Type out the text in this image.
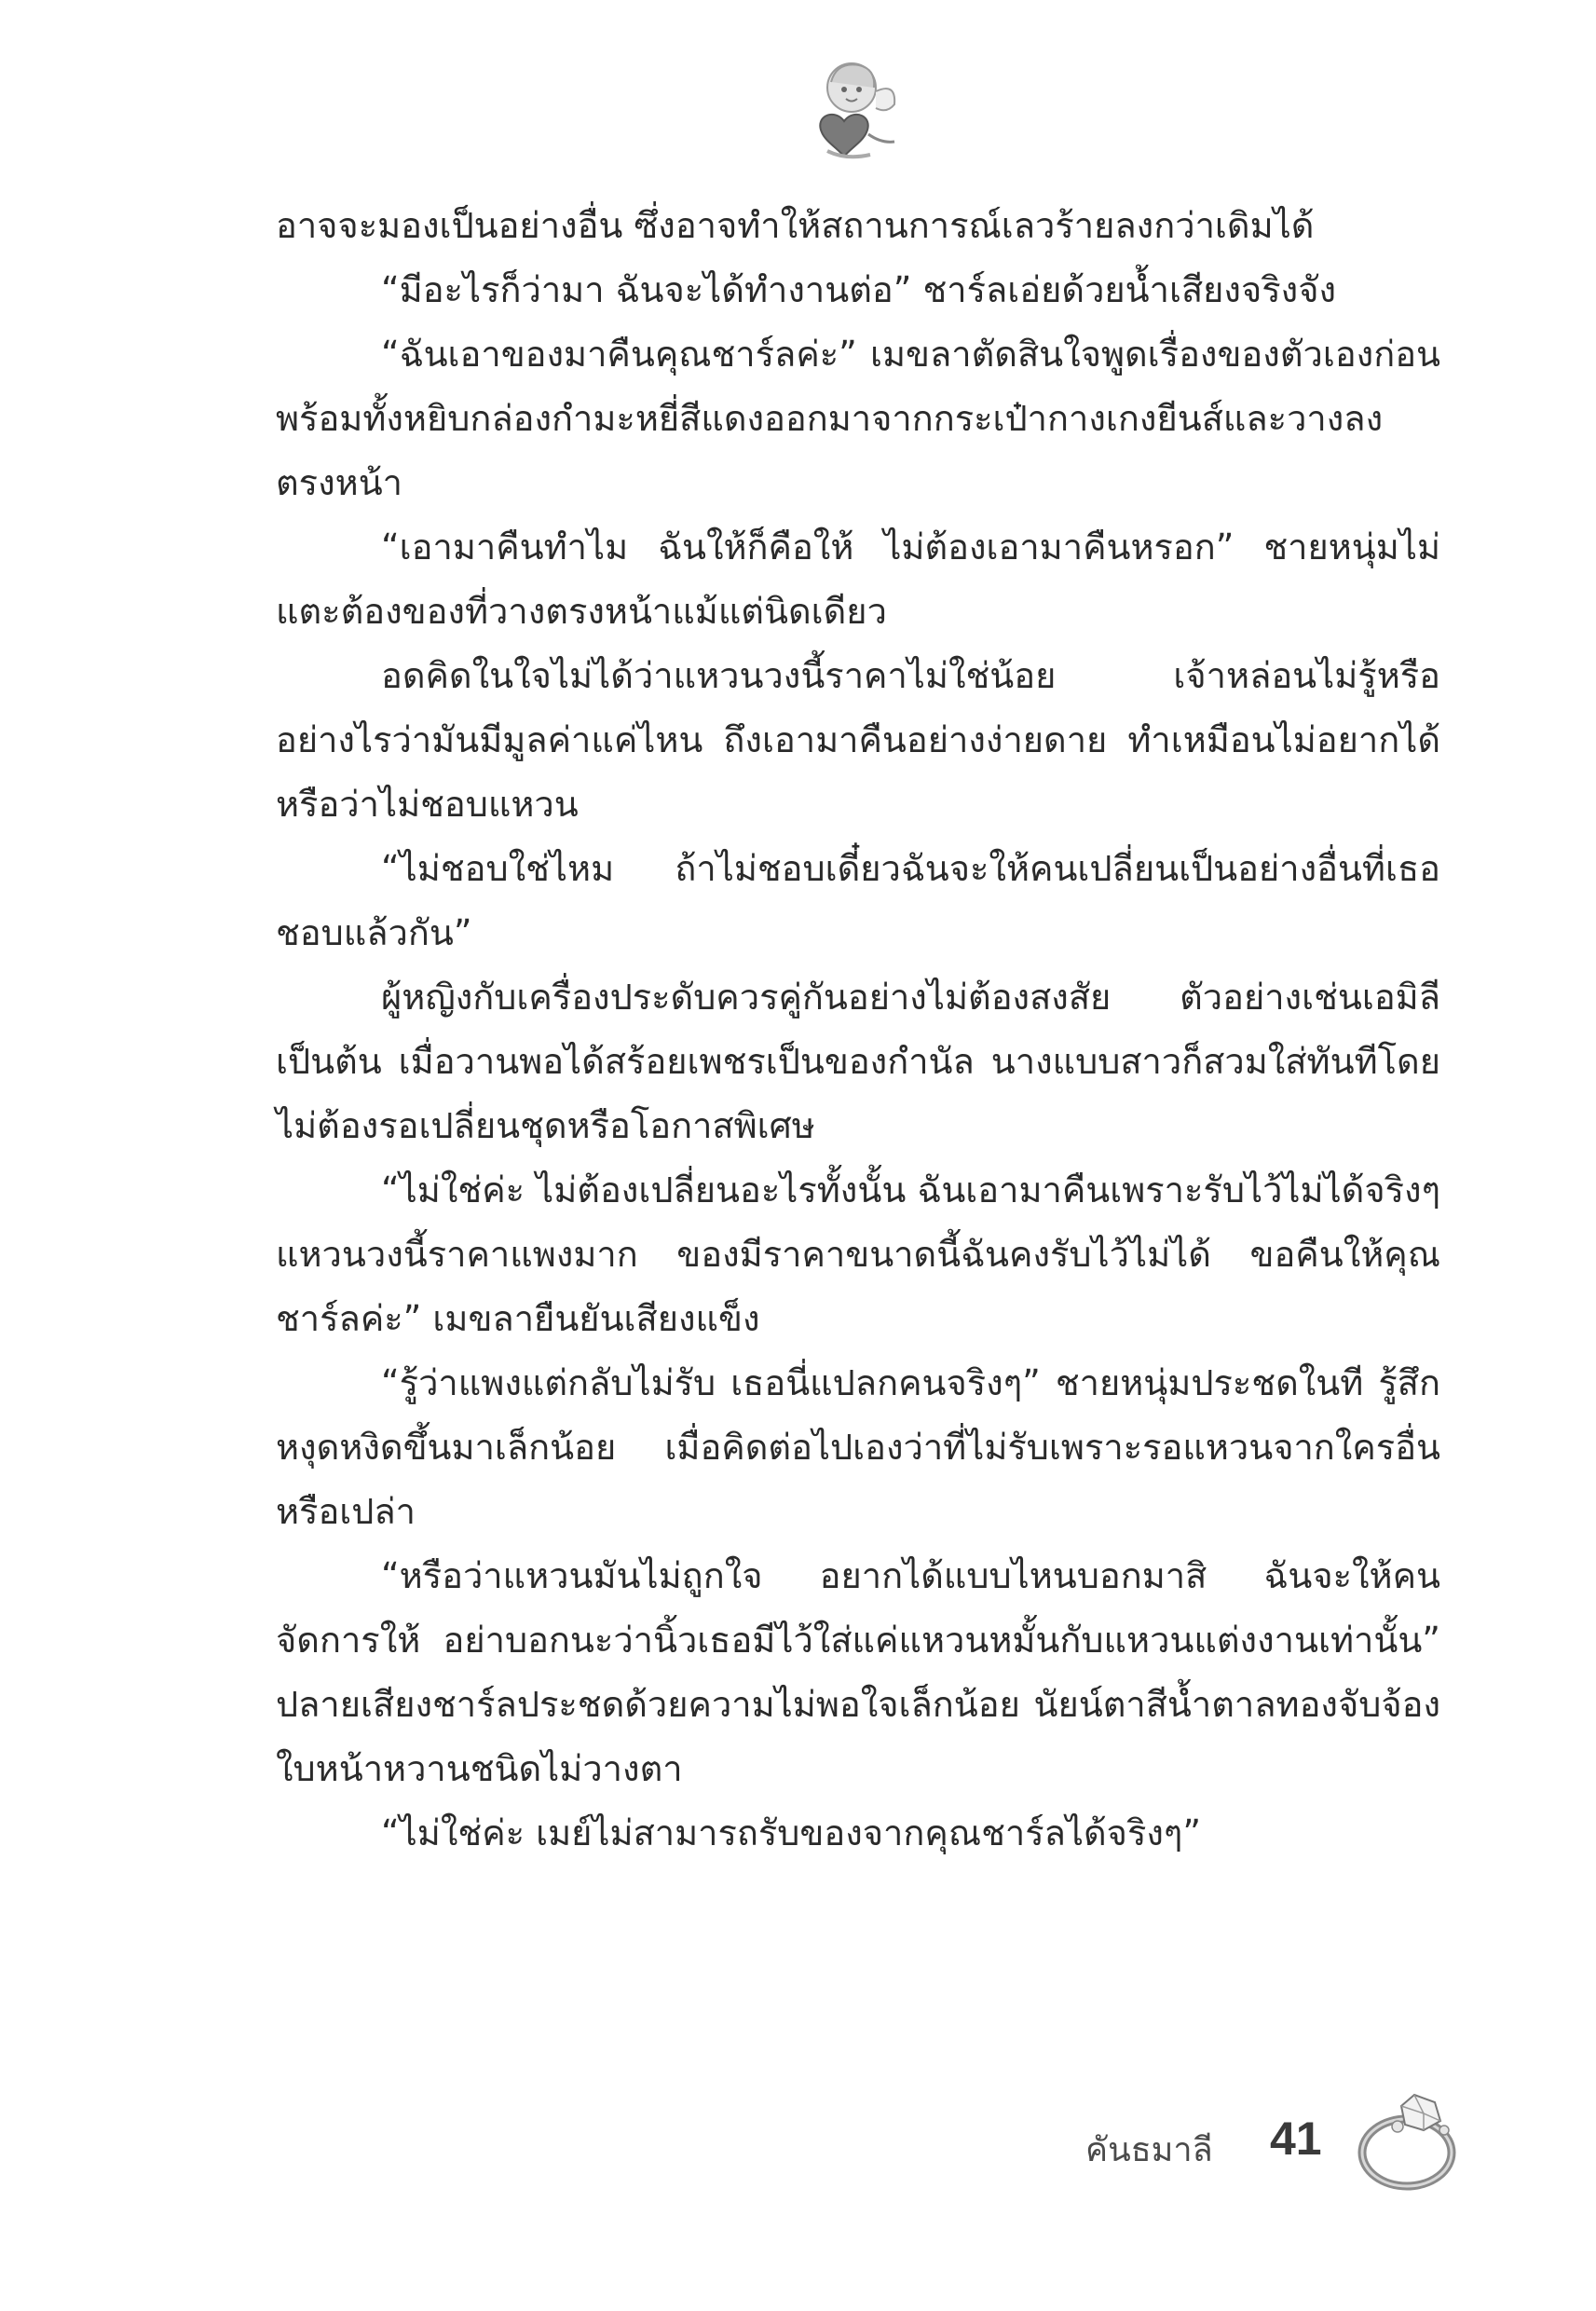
อาจจะมองเป็นอย่างอื่น ซึ่งอาจทำให้สถานการณ์เลวร้ายลงกว่าเดิมได้

“มีอะไรก็ว่ามา ฉันจะได้ทำงานต่อ” ชาร์ลเอ่ยด้วยน้ำเสียงจริงจัง

“ฉันเอาของมาคืนคุณชาร์ลค่ะ” เมขลาตัดสินใจพูดเรื่องของตัวเองก่อน พร้อมทั้งหยิบกล่องกำมะหยี่สีแดงออกมาจากกระเป๋ากางเกงยีนส์และวางลงตรงหน้า

“เอามาคืนทำไม ฉันให้ก็คือให้ ไม่ต้องเอามาคืนหรอก” ชายหนุ่มไม่แตะต้องของที่วางตรงหน้าแม้แต่นิดเดียว

อดคิดในใจไม่ได้ว่าแหวนวงนี้ราคาไม่ใช่น้อย เจ้าหล่อนไม่รู้หรืออย่างไรว่ามันมีมูลค่าแค่ไหน ถึงเอามาคืนอย่างง่ายดาย ทำเหมือนไม่อยากได้ หรือว่าไม่ชอบแหวน

“ไม่ชอบใช่ไหม ถ้าไม่ชอบเดี๋ยวฉันจะให้คนเปลี่ยนเป็นอย่างอื่นที่เธอชอบแล้วกัน”

ผู้หญิงกับเครื่องประดับควรคู่กันอย่างไม่ต้องสงสัย ตัวอย่างเช่นเอมิลีเป็นต้น เมื่อวานพอได้สร้อยเพชรเป็นของกำนัล นางแบบสาวก็สวมใส่ทันทีโดยไม่ต้องรอเปลี่ยนชุดหรือโอกาสพิเศษ

“ไม่ใช่ค่ะ ไม่ต้องเปลี่ยนอะไรทั้งนั้น ฉันเอามาคืนเพราะรับไว้ไม่ได้จริงๆ แหวนวงนี้ราคาแพงมาก ของมีราคาขนาดนี้ฉันคงรับไว้ไม่ได้ ขอคืนให้คุณชาร์ลค่ะ” เมขลายืนยันเสียงแข็ง

“รู้ว่าแพงแต่กลับไม่รับ เธอนี่แปลกคนจริงๆ” ชายหนุ่มประชดในที รู้สึกหงุดหงิดขึ้นมาเล็กน้อย เมื่อคิดต่อไปเองว่าที่ไม่รับเพราะรอแหวนจากใครอื่นหรือเปล่า

“หรือว่าแหวนมันไม่ถูกใจ อยากได้แบบไหนบอกมาสิ ฉันจะให้คนจัดการให้ อย่าบอกนะว่านิ้วเธอมีไว้ใส่แค่แหวนหมั้นกับแหวนแต่งงานเท่านั้น” ปลายเสียงชาร์ลประชดด้วยความไม่พอใจเล็กน้อย นัยน์ตาสีน้ำตาลทองจับจ้องใบหน้าหวานชนิดไม่วางตา

“ไม่ใช่ค่ะ เมย์ไม่สามารถรับของจากคุณชาร์ลได้จริงๆ”

คันธมาลี 41
